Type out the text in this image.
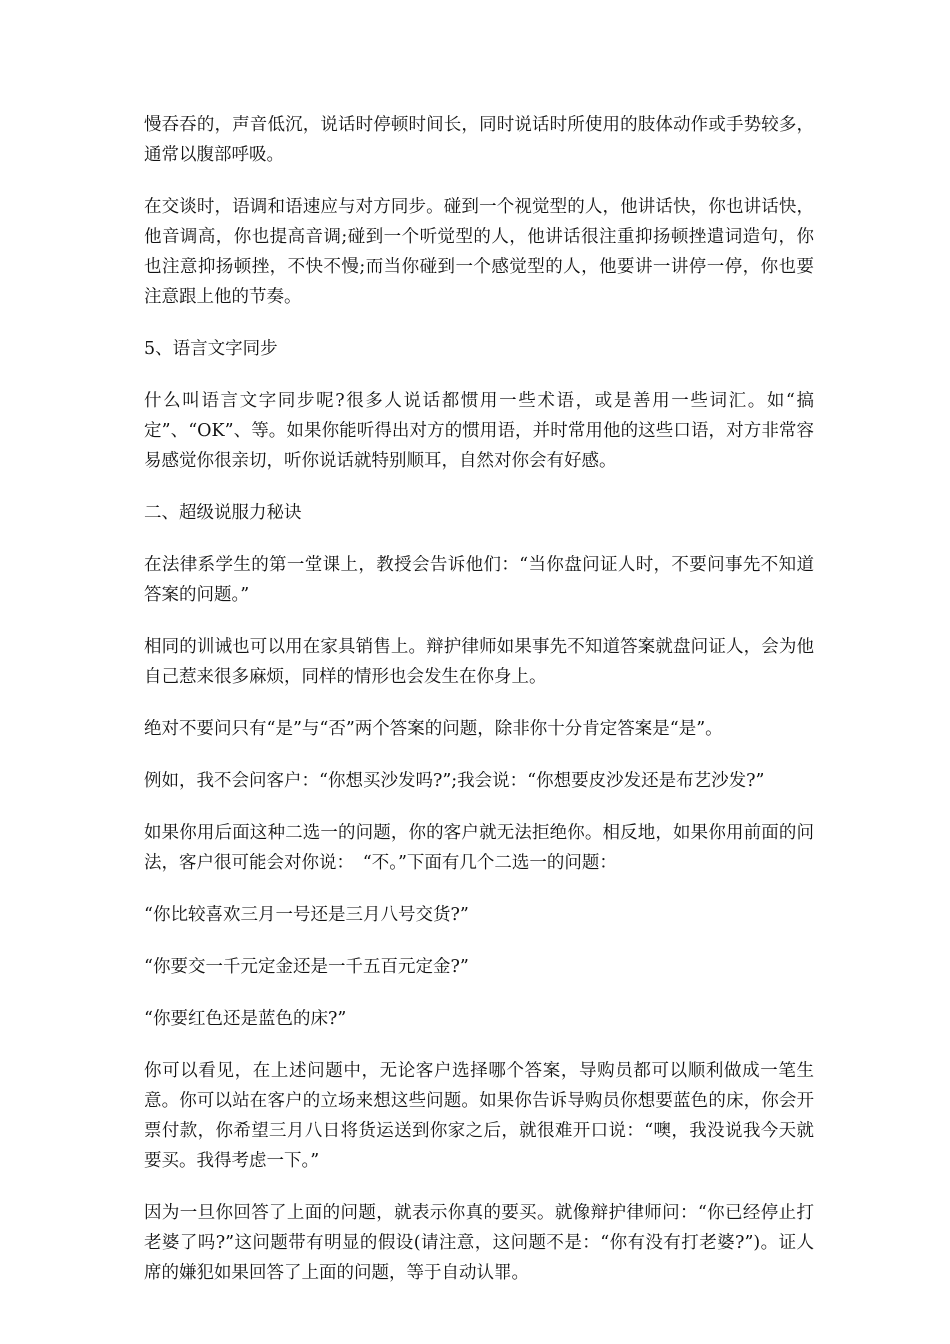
慢吞吞的，声音低沉，说话时停顿时间长，同时说话时所使用的肢体动作或手势较多，通常以腹部呼吸。

在交谈时，语调和语速应与对方同步。碰到一个视觉型的人，他讲话快，你也讲话快，他音调高，你也提高音调;碰到一个听觉型的人，他讲话很注重抑扬顿挫遣词造句，你也注意抑扬顿挫，不快不慢;而当你碰到一个感觉型的人，他要讲一讲停一停，你也要注意跟上他的节奏。

5、语言文字同步

什么叫语言文字同步呢?很多人说话都惯用一些术语，或是善用一些词汇。如“搞定”、“OK”、等。如果你能听得出对方的惯用语，并时常用他的这些口语，对方非常容易感觉你很亲切，听你说话就特别顺耳，自然对你会有好感。

二、超级说服力秘诀

在法律系学生的第一堂课上，教授会告诉他们：“当你盘问证人时，不要问事先不知道答案的问题。”

相同的训诫也可以用在家具销售上。辩护律师如果事先不知道答案就盘问证人，会为他自己惹来很多麻烦，同样的情形也会发生在你身上。

绝对不要问只有“是”与“否”两个答案的问题，除非你十分肯定答案是“是”。

例如，我不会问客户：“你想买沙发吗?”;我会说：“你想要皮沙发还是布艺沙发?”

如果你用后面这种二选一的问题，你的客户就无法拒绝你。相反地，如果你用前面的问法，客户很可能会对你说：　“不。”下面有几个二选一的问题：

“你比较喜欢三月一号还是三月八号交货?”

“你要交一千元定金还是一千五百元定金?”

“你要红色还是蓝色的床?”

你可以看见，在上述问题中，无论客户选择哪个答案，导购员都可以顺利做成一笔生意。你可以站在客户的立场来想这些问题。如果你告诉导购员你想要蓝色的床，你会开票付款，你希望三月八日将货运送到你家之后，就很难开口说：“噢，我没说我今天就要买。我得考虑一下。”

因为一旦你回答了上面的问题，就表示你真的要买。就像辩护律师问：“你已经停止打老婆了吗?”这问题带有明显的假设(请注意，这问题不是：“你有没有打老婆?”)。证人席的嫌犯如果回答了上面的问题，等于自动认罪。
